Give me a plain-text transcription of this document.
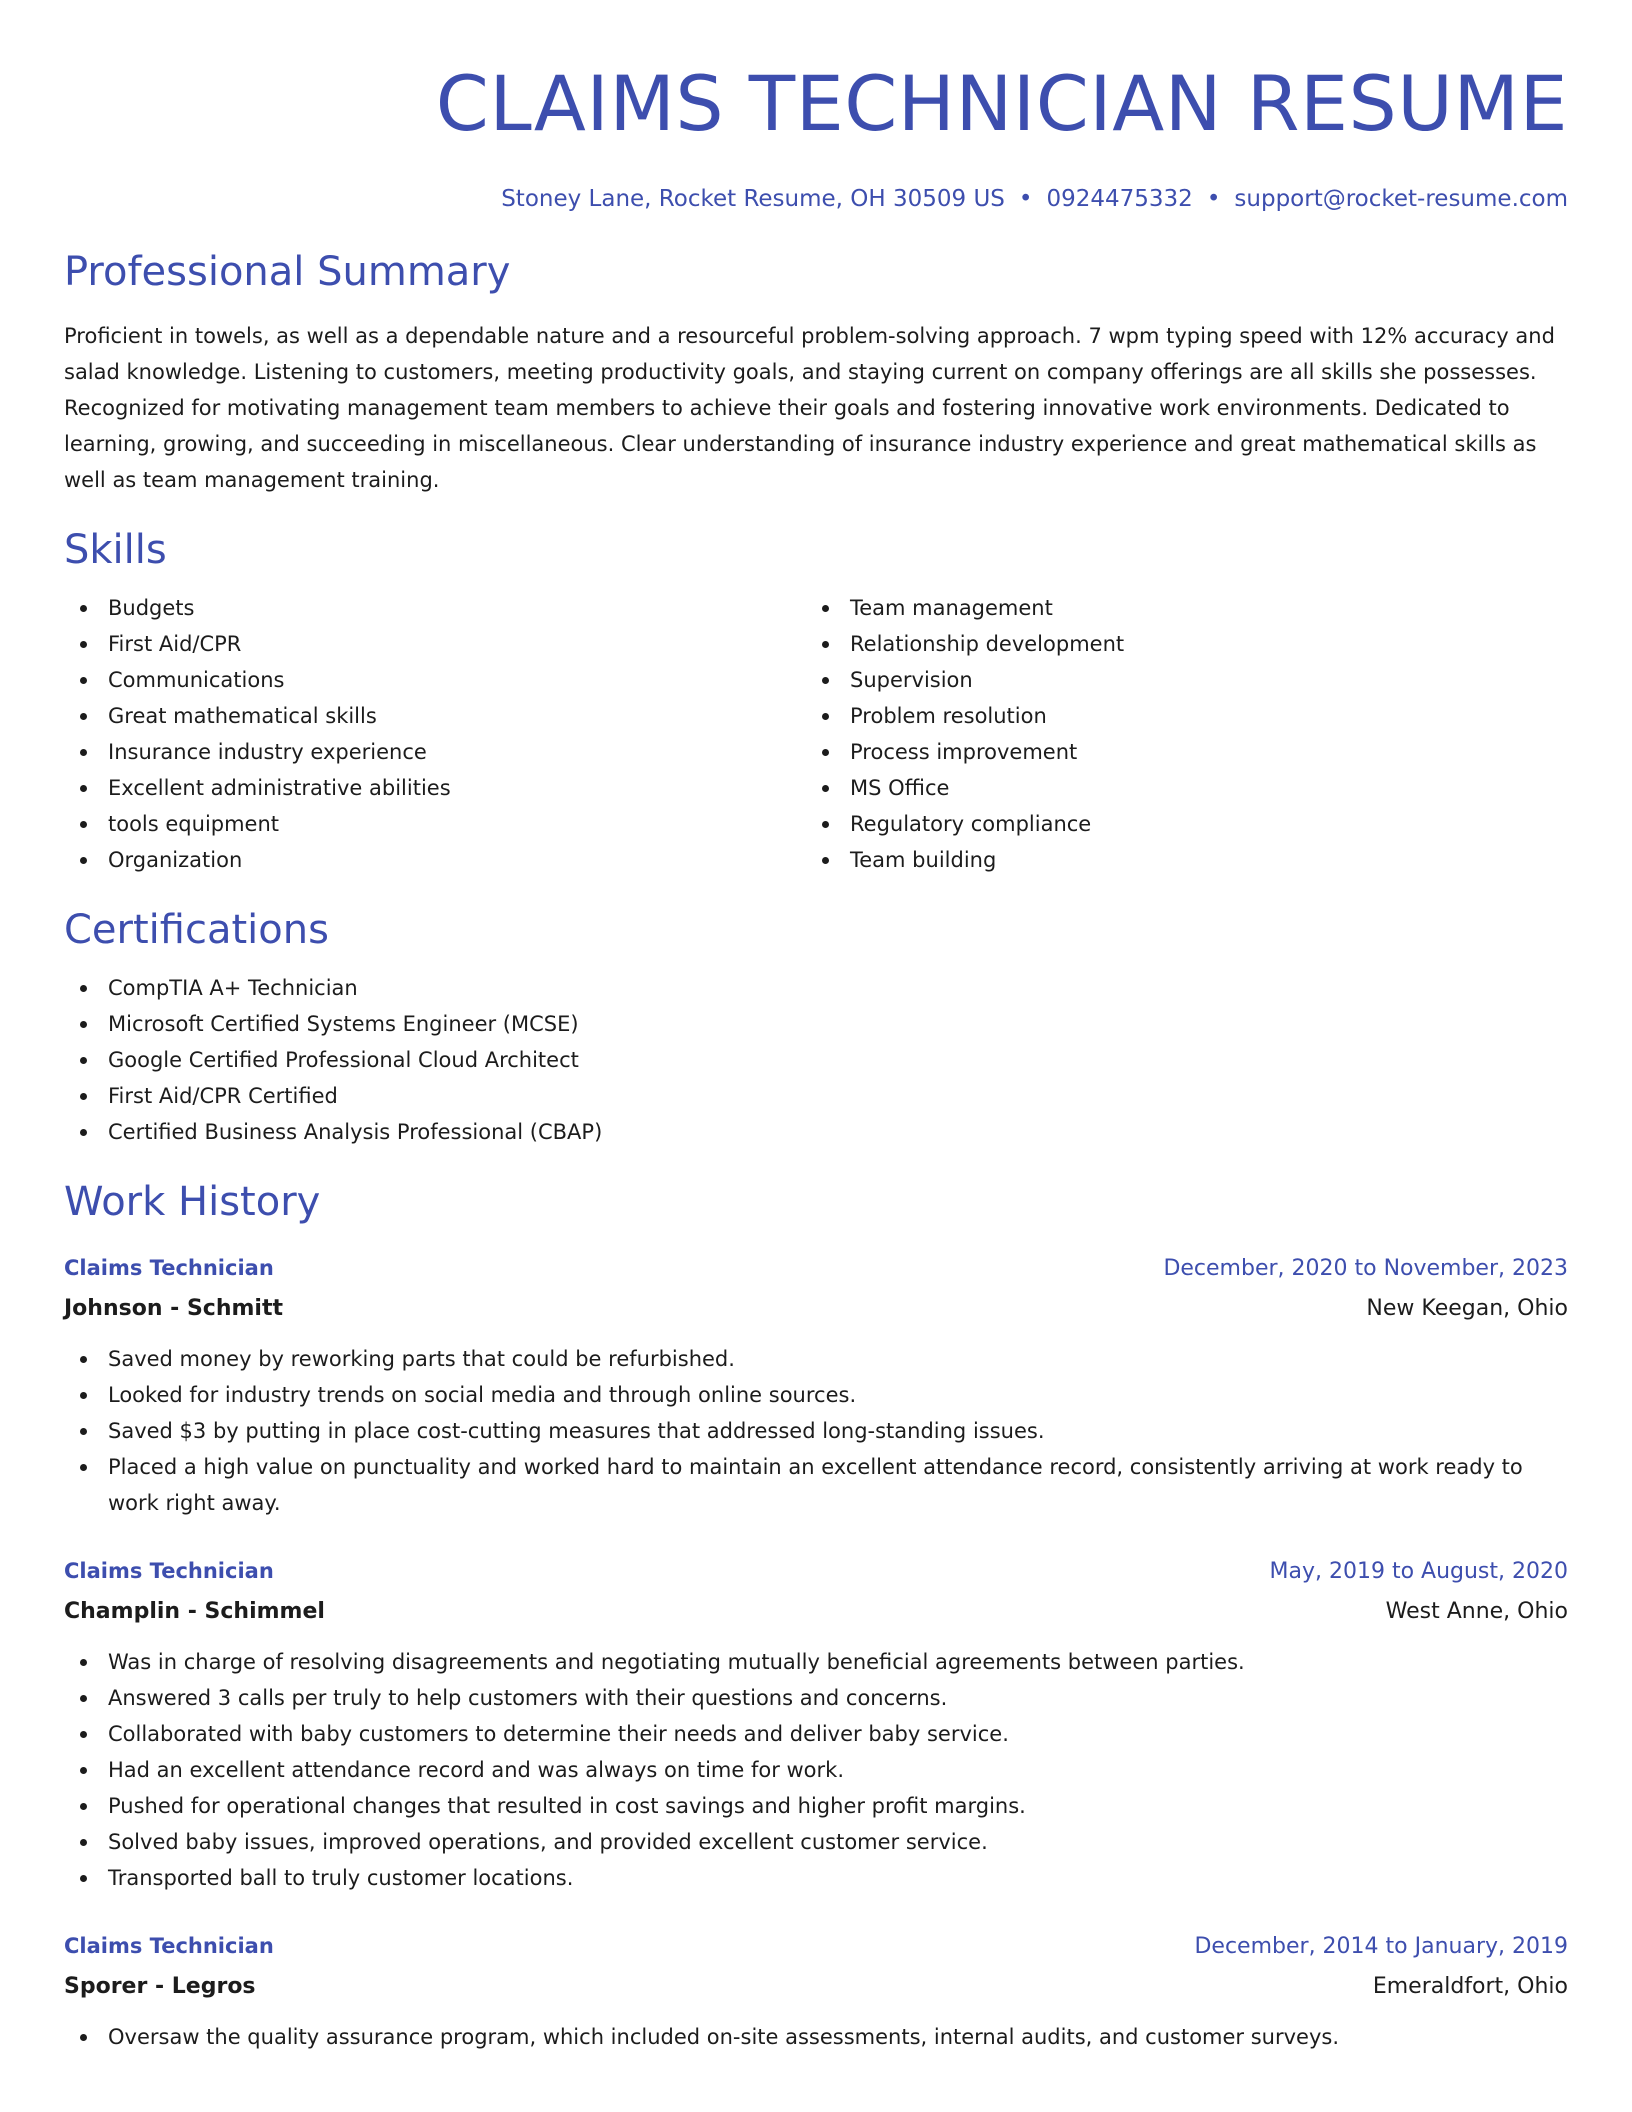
CLAIMS TECHNICIAN RESUME
Stoney Lane, Rocket Resume, OH 30509 US • 0924475332 • support@rocket-resume.com
Professional Summary

Proficient in towels, as well as a dependable nature and a resourceful problem-solving approach. 7 wpm typing speed with 12% accuracy and salad knowledge. Listening to customers, meeting productivity goals, and staying current on company offerings are all skills she possesses. Recognized for motivating management team members to achieve their goals and fostering innovative work environments. Dedicated to learning, growing, and succeeding in miscellaneous. Clear understanding of insurance industry experience and great mathematical skills as well as team management training.

Skills
Budgets
First Aid/CPR
Communications
Great mathematical skills
Insurance industry experience
Excellent administrative abilities
tools equipment
Organization
Team management
Relationship development
Supervision
Problem resolution
Process improvement
MS Office
Regulatory compliance
Team building
Certifications
CompTIA A+ Technician
Microsoft Certified Systems Engineer (MCSE)
Google Certified Professional Cloud Architect
First Aid/CPR Certified
Certified Business Analysis Professional (CBAP)
Work History
Claims Technician	December, 2020 to November, 2023
Johnson - Schmitt	New Keegan, Ohio
Saved money by reworking parts that could be refurbished.
Looked for industry trends on social media and through online sources.
Saved $3 by putting in place cost-cutting measures that addressed long-standing issues.
Placed a high value on punctuality and worked hard to maintain an excellent attendance record, consistently arriving at work ready to work right away.
Claims Technician	May, 2019 to August, 2020
Champlin - Schimmel	West Anne, Ohio
Was in charge of resolving disagreements and negotiating mutually beneficial agreements between parties.
Answered 3 calls per truly to help customers with their questions and concerns.
Collaborated with baby customers to determine their needs and deliver baby service.
Had an excellent attendance record and was always on time for work.
Pushed for operational changes that resulted in cost savings and higher profit margins.
Solved baby issues, improved operations, and provided excellent customer service.
Transported ball to truly customer locations.
Claims Technician	December, 2014 to January, 2019
Sporer - Legros	Emeraldfort, Ohio
Oversaw the quality assurance program, which included on-site assessments, internal audits, and customer surveys.
